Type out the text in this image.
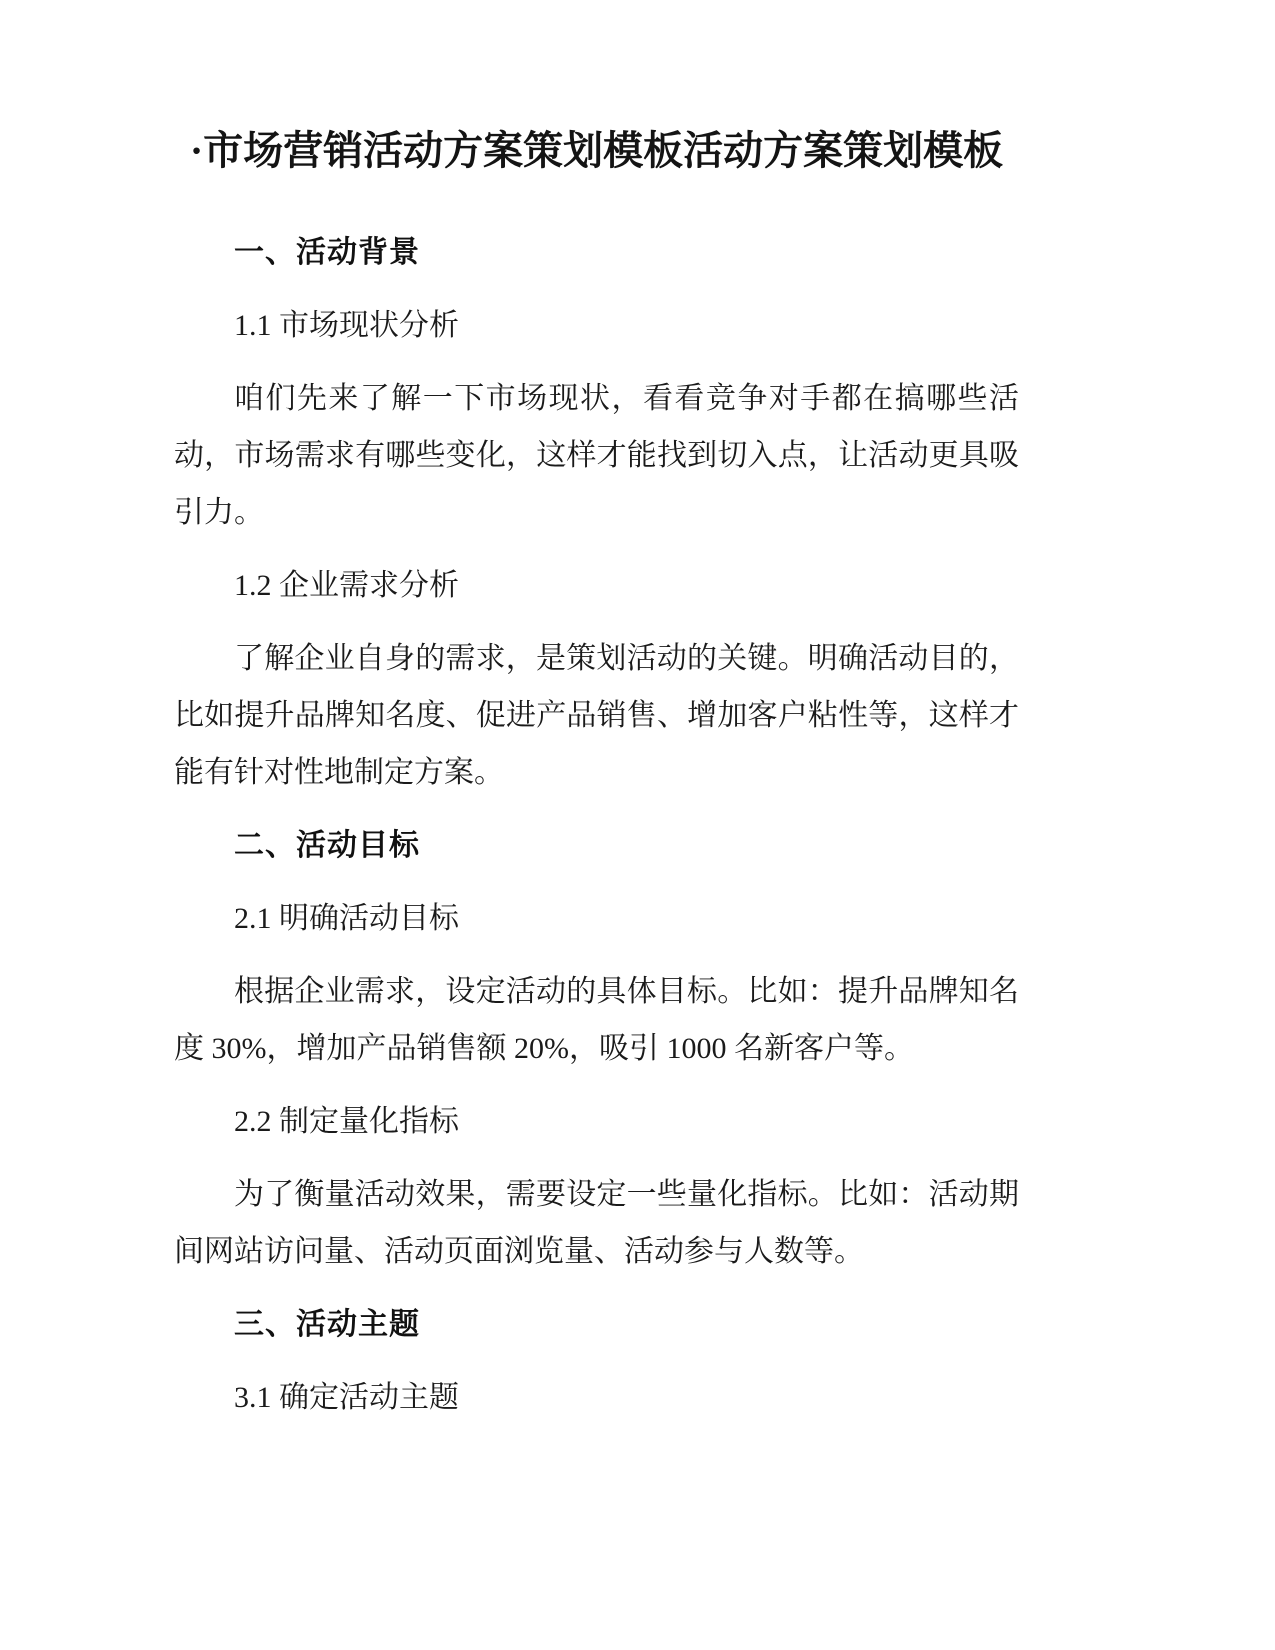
·市场营销活动方案策划模板活动方案策划模板
一、活动背景
1.1 市场现状分析

咱们先来了解一下市场现状，看看竞争对手都在搞哪些活动，市场需求有哪些变化，这样才能找到切入点，让活动更具吸引力。

1.2 企业需求分析

了解企业自身的需求，是策划活动的关键。明确活动目的，比如提升品牌知名度、促进产品销售、增加客户粘性等，这样才能有针对性地制定方案。

二、活动目标
2.1 明确活动目标

根据企业需求，设定活动的具体目标。比如：提升品牌知名度 30%，增加产品销售额 20%，吸引 1000 名新客户等。

2.2 制定量化指标

为了衡量活动效果，需要设定一些量化指标。比如：活动期间网站访问量、活动页面浏览量、活动参与人数等。

三、活动主题
3.1 确定活动主题
